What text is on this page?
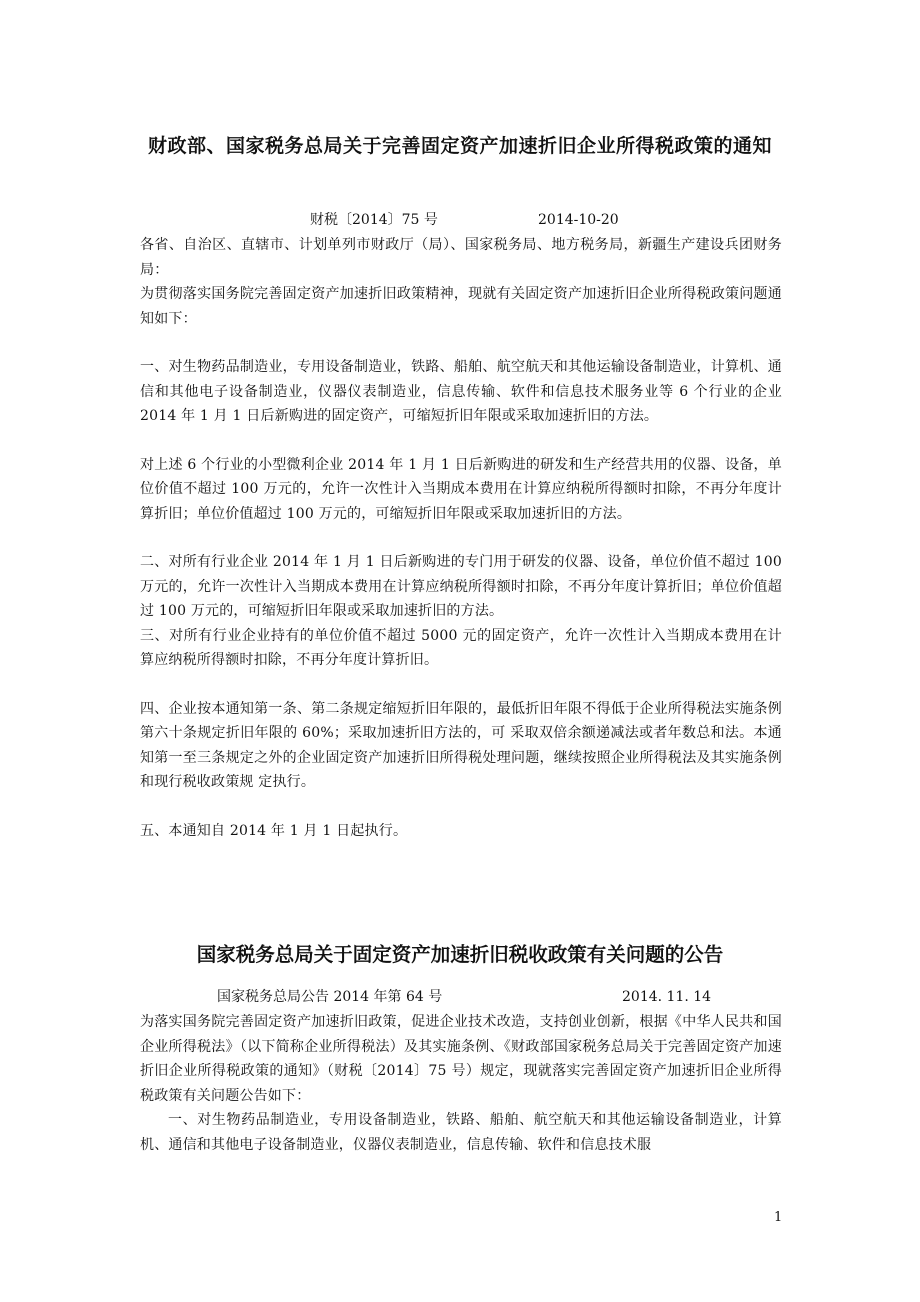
财政部、国家税务总局关于完善固定资产加速折旧企业所得税政策的通知
财税〔2014〕75 号	2014-10-20

各省、自治区、直辖市、计划单列市财政厅（局）、国家税务局、地方税务局，新疆生产建设兵团财务局：

为贯彻落实国务院完善固定资产加速折旧政策精神，现就有关固定资产加速折旧企业所得税政策问题通知如下：

一、对生物药品制造业，专用设备制造业，铁路、船舶、航空航天和其他运输设备制造业，计算机、通信和其他电子设备制造业，仪器仪表制造业，信息传输、软件和信息技术服务业等 6 个行业的企业 2014 年 1 月 1 日后新购进的固定资产，可缩短折旧年限或采取加速折旧的方法。

对上述 6 个行业的小型微利企业 2014 年 1 月 1 日后新购进的研发和生产经营共用的仪器、设备，单位价值不超过 100 万元的，允许一次性计入当期成本费用在计算应纳税所得额时扣除，不再分年度计算折旧；单位价值超过 100 万元的，可缩短折旧年限或采取加速折旧的方法。

二、对所有行业企业 2014 年 1 月 1 日后新购进的专门用于研发的仪器、设备，单位价值不超过 100 万元的，允许一次性计入当期成本费用在计算应纳税所得额时扣除，不再分年度计算折旧；单位价值超过 100 万元的，可缩短折旧年限或采取加速折旧的方法。

三、对所有行业企业持有的单位价值不超过 5000 元的固定资产，允许一次性计入当期成本费用在计算应纳税所得额时扣除，不再分年度计算折旧。

四、企业按本通知第一条、第二条规定缩短折旧年限的，最低折旧年限不得低于企业所得税法实施条例第六十条规定折旧年限的 60%；采取加速折旧方法的，可 采取双倍余额递减法或者年数总和法。本通知第一至三条规定之外的企业固定资产加速折旧所得税处理问题，继续按照企业所得税法及其实施条例和现行税收政策规 定执行。

五、本通知自 2014 年 1 月 1 日起执行。

国家税务总局关于固定资产加速折旧税收政策有关问题的公告
国家税务总局公告 2014 年第 64 号	2014. 11. 14

为落实国务院完善固定资产加速折旧政策，促进企业技术改造，支持创业创新，根据《中华人民共和国企业所得税法》（以下简称企业所得税法）及其实施条例、《财政部国家税务总局关于完善固定资产加速折旧企业所得税政策的通知》（财税〔2014〕75 号）规定，现就落实完善固定资产加速折旧企业所得税政策有关问题公告如下：

一、对生物药品制造业，专用设备制造业，铁路、船舶、航空航天和其他运输设备制造业，计算机、通信和其他电子设备制造业，仪器仪表制造业，信息传输、软件和信息技术服

1
